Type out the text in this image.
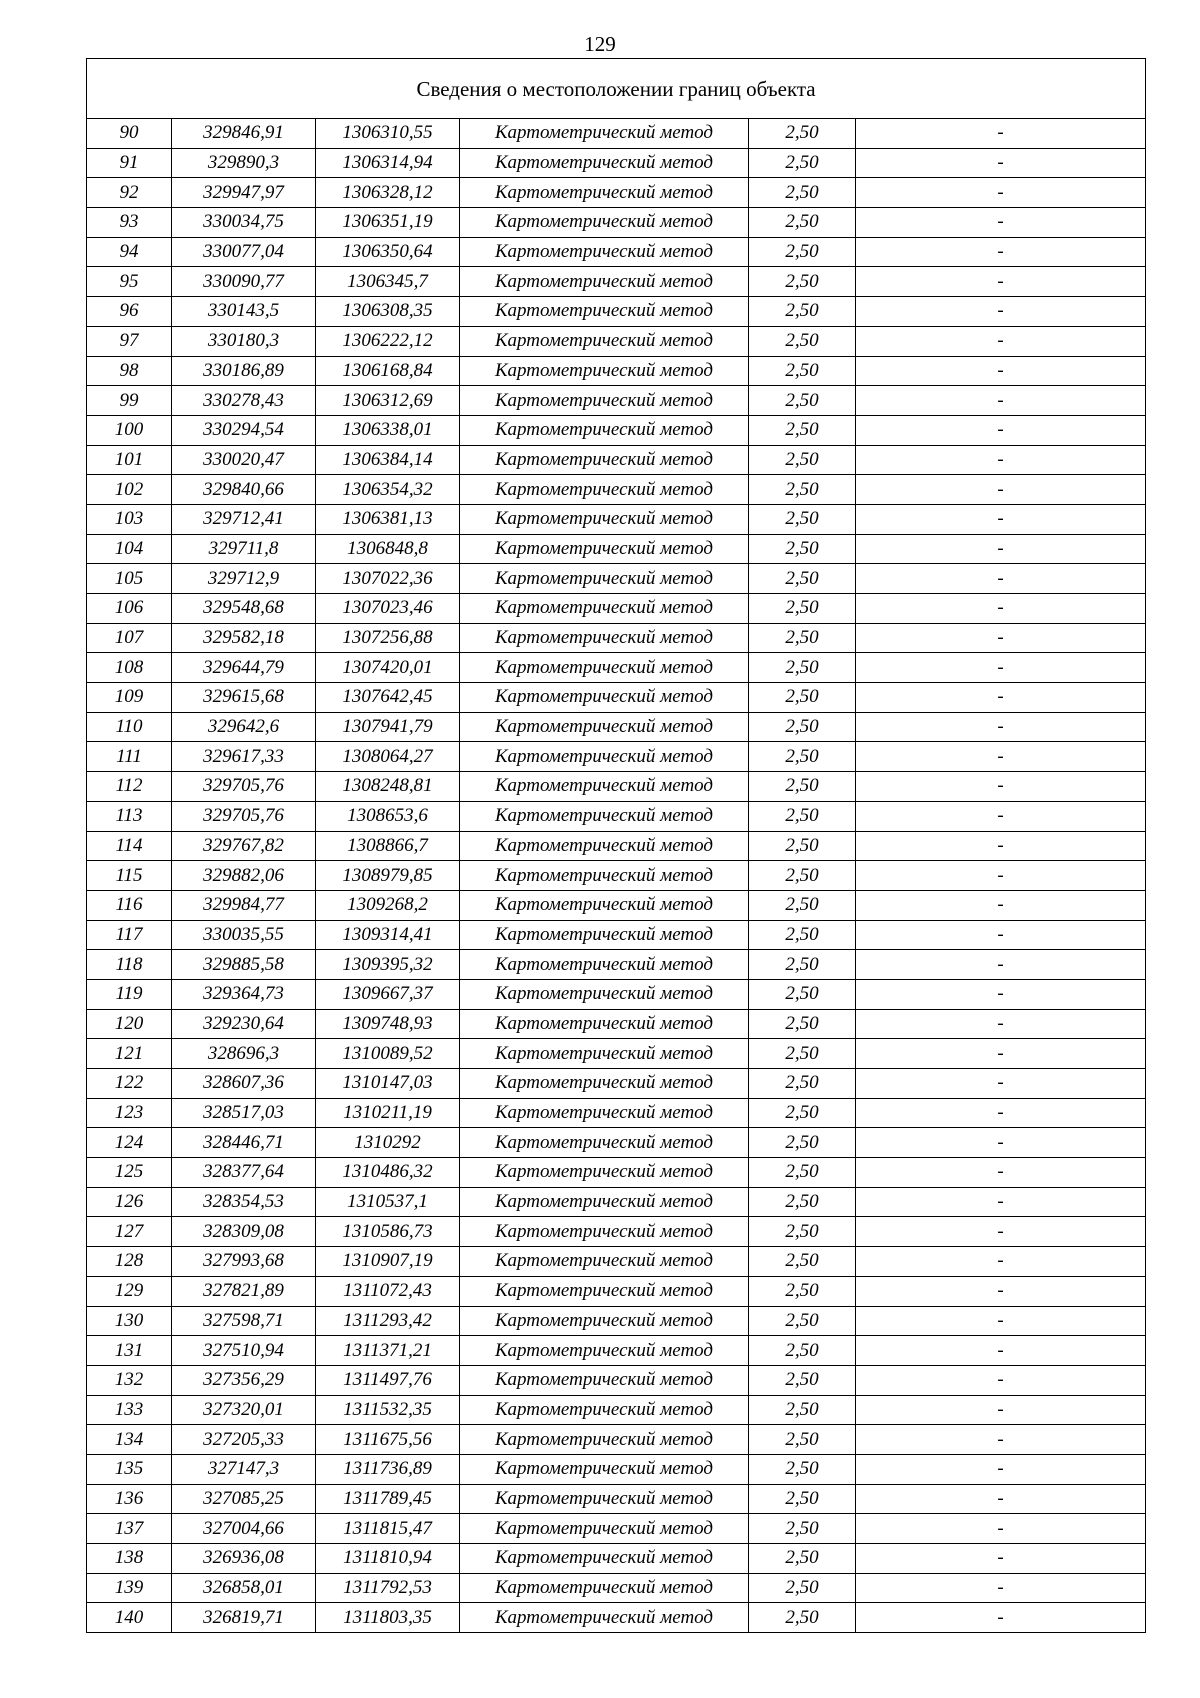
129
Сведения о местоположении границ объекта					
90	329846,91	1306310,55	Картометрический метод	2,50	-
91	329890,3	1306314,94	Картометрический метод	2,50	-
92	329947,97	1306328,12	Картометрический метод	2,50	-
93	330034,75	1306351,19	Картометрический метод	2,50	-
94	330077,04	1306350,64	Картометрический метод	2,50	-
95	330090,77	1306345,7	Картометрический метод	2,50	-
96	330143,5	1306308,35	Картометрический метод	2,50	-
97	330180,3	1306222,12	Картометрический метод	2,50	-
98	330186,89	1306168,84	Картометрический метод	2,50	-
99	330278,43	1306312,69	Картометрический метод	2,50	-
100	330294,54	1306338,01	Картометрический метод	2,50	-
101	330020,47	1306384,14	Картометрический метод	2,50	-
102	329840,66	1306354,32	Картометрический метод	2,50	-
103	329712,41	1306381,13	Картометрический метод	2,50	-
104	329711,8	1306848,8	Картометрический метод	2,50	-
105	329712,9	1307022,36	Картометрический метод	2,50	-
106	329548,68	1307023,46	Картометрический метод	2,50	-
107	329582,18	1307256,88	Картометрический метод	2,50	-
108	329644,79	1307420,01	Картометрический метод	2,50	-
109	329615,68	1307642,45	Картометрический метод	2,50	-
110	329642,6	1307941,79	Картометрический метод	2,50	-
111	329617,33	1308064,27	Картометрический метод	2,50	-
112	329705,76	1308248,81	Картометрический метод	2,50	-
113	329705,76	1308653,6	Картометрический метод	2,50	-
114	329767,82	1308866,7	Картометрический метод	2,50	-
115	329882,06	1308979,85	Картометрический метод	2,50	-
116	329984,77	1309268,2	Картометрический метод	2,50	-
117	330035,55	1309314,41	Картометрический метод	2,50	-
118	329885,58	1309395,32	Картометрический метод	2,50	-
119	329364,73	1309667,37	Картометрический метод	2,50	-
120	329230,64	1309748,93	Картометрический метод	2,50	-
121	328696,3	1310089,52	Картометрический метод	2,50	-
122	328607,36	1310147,03	Картометрический метод	2,50	-
123	328517,03	1310211,19	Картометрический метод	2,50	-
124	328446,71	1310292	Картометрический метод	2,50	-
125	328377,64	1310486,32	Картометрический метод	2,50	-
126	328354,53	1310537,1	Картометрический метод	2,50	-
127	328309,08	1310586,73	Картометрический метод	2,50	-
128	327993,68	1310907,19	Картометрический метод	2,50	-
129	327821,89	1311072,43	Картометрический метод	2,50	-
130	327598,71	1311293,42	Картометрический метод	2,50	-
131	327510,94	1311371,21	Картометрический метод	2,50	-
132	327356,29	1311497,76	Картометрический метод	2,50	-
133	327320,01	1311532,35	Картометрический метод	2,50	-
134	327205,33	1311675,56	Картометрический метод	2,50	-
135	327147,3	1311736,89	Картометрический метод	2,50	-
136	327085,25	1311789,45	Картометрический метод	2,50	-
137	327004,66	1311815,47	Картометрический метод	2,50	-
138	326936,08	1311810,94	Картометрический метод	2,50	-
139	326858,01	1311792,53	Картометрический метод	2,50	-
140	326819,71	1311803,35	Картометрический метод	2,50	-
